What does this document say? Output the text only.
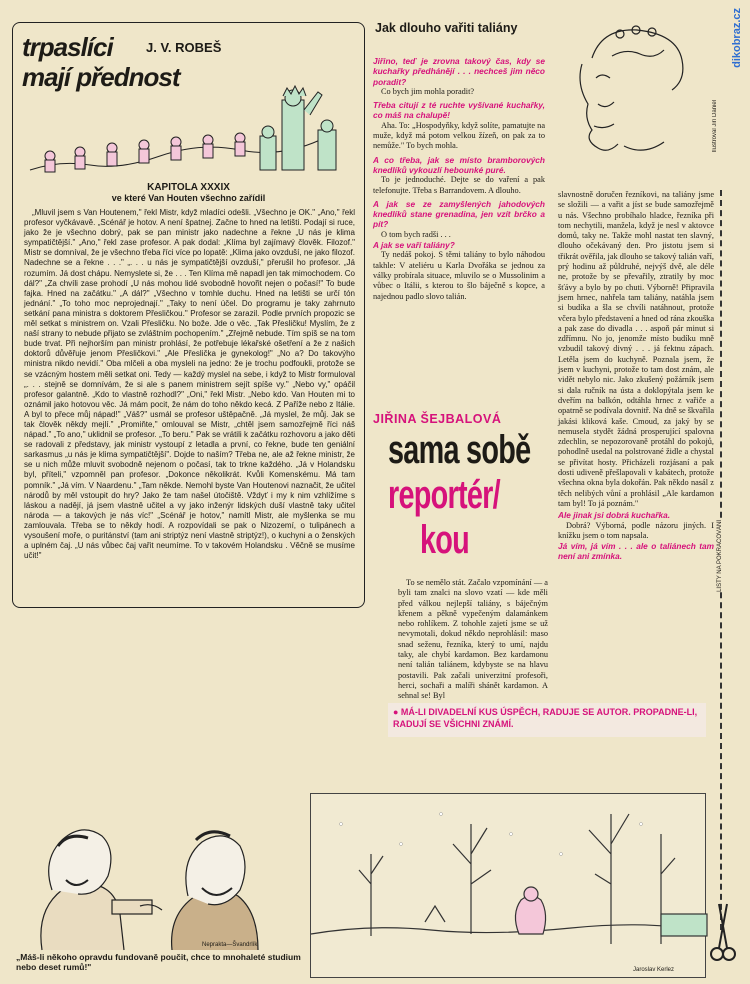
trpaslíci	J. V. ROBEŠ
mají přednost
KAPITOLA XXXIX
ve které Van Houten všechno zařídil
„Mluvil jsem s Van Houtenem," řekl Mistr, když mladíci odešli. „Všechno je OK." „Ano," řekl profesor vyčkávavě. „Scénář je hotov. A není špatnej. Začne to hned na letišti. Podají si ruce, jako že je všechno dobrý, pak se pan ministr jako nadechne a řekne „U nás je klima sympatičtější." „Ano," řekl zase profesor. A pak dodal: „Klíma byl zajímavý člověk. Filozof." Mistr se domníval, že je všechno třeba říci více po lopatě: „Klima jako ovzduší, ne jako filozof. Nadechne se a řekne . . ." „. . . u nás je sympatičtější ovzduší," přerušil ho profesor. „Já rozumím. Já dost chápu. Nemyslete si, že . . . Ten Klíma mě napadl jen tak mimochodem. Co dál?" „Za chvíli zase prohodí „U nás mohou lidé svobodně hovořit nejen o počasí!" To bude fajka. Hned na začátku." „A dál?" „Všechno v tomhle duchu. Hned na letišti se určí tón jednání." „To toho moc neprojednají." „Taky to není účel. Do programu je taky zahrnuto setkání pana ministra s doktorem Přesličkou." Profesor se zarazil. Podle prvních propozic se měl setkat s ministrem on. Vzali Přesličku. No bože. Jde o věc. „Tak Přesličku! Myslím, že z naší strany to nebude přijato se zvláštním pochopením." „Zřejmě nebude. Tím spíš se na tom bude trvat. Při nejhorším pan ministr prohlásí, že potřebuje lékařské ošetření a že z našich doktorů důvěřuje jenom Přesličkovi." „Ale Přeslička je gynekolog!" „No a? Do takovýho ministra nikdo nevidí." Oba mlčeli a oba mysleli na jedno: že je trochu podfoukli, protože se se vzácným hostem měli setkat oni. Tedy — každý myslel na sebe, i když to Mistr formuloval „. . . stejně se domnívám, že si ale s panem ministrem sejít spíše vy." „Nebo vy," opáčil profesor galantně. „Kdo to vlastně rozhodl?" „Oni," řekl Mistr. „Nebo kdo. Van Houten mi to oznámil jako hotovou věc. Já mám pocit, že nám do toho někdo kecá. Z Paříže nebo z Itálie. A byl to přece můj nápad!" „Váš?" usmál se profesor uštěpačně. „Já myslel, že můj. Jak se tak člověk někdy mejlí." „Promiňte," omlouval se Mistr, „chtěl jsem samozřejmě říci náš nápad." „To ano," uklidnil se profesor. „To beru." Pak se vrátili k začátku rozhovoru a jako děti se radovali z představy, jak ministr vystoupí z letadla a první, co řekne, bude ten geniální sarkasmus „u nás je klima sympatičtější". Dojde to naším? Třeba ne, ale až řekne ministr, že se u nich může mluvit svobodně nejenom o počasí, tak to trkne každého. „Já v Holandsku byl, příteli," vzpomněl pan profesor. „Dokonce několikrát. Kvůli Komenskému. Má tam pomník." „Já vím. V Naardenu." „Tam někde. Nemohl byste Van Houtenovi naznačit, že učitel národů by měl vstoupit do hry? Jako že tam našel útočiště. Vždyť i my k nim vzhlížíme s láskou a nadějí, já jsem vlastně učitel a vy jako inženýr lidských duší vlastně taky učitel národa — a takových je nás víc!" „Scénář je hotov," namítl Mistr, ale myšlenka se mu zamlouvala. Třeba se to někdy hodí. A rozpovídali se pak o Nizozemí, o tulipánech a vysoušení moře, o puritánství (tam ani striptýz není vlastně striptýz!), o kuchyni a o ženských a uplném čaj. „U nás vůbec čaj vařit neumíme. To v takovém Holandsku . Věčně se musíme učit!"
Jak dlouho vařiti taliány

Jiřino, teď je zrovna takový čas, kdy se kuchařky předhánějí . . . nechceš jim něco poradit?

Co bych jim mohla poradit?

Třeba citují z té ruchte vyšívané kuchařky, co máš na chalupě!

Aha. To: „Hospodyňky, když solíte, pamatujte na muže, když má potom velkou žízeň, on pak za to nemůže." To bych mohla.

A co třeba, jak se místo bramborových knedlíků vykouzlí hebounké puré.

To je jednoduché. Dejte se do vaření a pak telefonujte. Třeba s Barrandovem. A dlouho.

A jak se ze zamyšlených jahodových knedlíků stane grenadina, jen vzít brčko a pít?

O tom bych radši . . .

A jak se vaří taliány?

Ty nedáš pokoj. S těmi taliány to bylo náhodou takhle: V ateliéru u Karla Dvořáka se jednou za války probírala situace, mluvilo se o Mussolinim a vůbec o Itálii, s kterou to šlo báječně s kopce, a najednou padlo slovo talián.

Ilustroval Jiří Daniel
dikobraz.cz

slavnostně doručen řezníkovi, na taliány jsme se složili — a vařit a jíst se bude samozřejmě u nás. Všechno probíhalo hladce, řezníka při tom nechytili, manžela, když je nesl v aktovce domů, taky ne. Takže mohl nastat ten slavný, dlouho očekávaný den. Pro jistotu jsem si třikrát ověřila, jak dlouho se takový talián vaří, prý hodinu až půldruhé, nejvýš dvě, ale déle ne, protože by se převařily, ztratily by moc šťávy a bylo by po chuti. Výborně! Připravila jsem hrnec, nahřela tam taliány, natáhla jsem si budíka a šla se chvíli natáhnout, protože včera bylo představení a hned od rána zkouška a pak zase do divadla . . . aspoň pár minut si zdřímnu. No jo, jenomže místo budíku mně vzbudil takový divný . . . já fektnu zápach. Letěla jsem do kuchyně. Poznala jsem, že jsem v kuchyni, protože to tam dost znám, ale vidět nebylo nic. Jako zkušený požárník jsem si dala ručník na ústa a doklopýtala jsem ke dveřím na balkón, odtáhla hrnec z vařiče a opatrně se podívala dovnitř. Na dně se škvařila jakási kliková kaše. Cmoud, za jaký by se nemusela stydět žádná prosperující spalovna zdechlin, se nepozorovaně protáhl do pokojů, pohodlně usedal na polstrované židle a chystal se přivítat hosty. Přicházeli rozjásaní a pak dosti udiveně přešlapovali v kabátech, protože všechna okna byla dokořán. Pak někdo nasál z těch nelibých vůní a prohlásil „Ale kardamon tam byl! To já poznám."

Ale jinak jsi dobrá kuchařka.

Dobrá? Výborná, podle názoru jiných. I knížku jsem o tom napsala.

Já vím, já vím . . . ale o taliánech tam není ani zmínka.	LISTY NA POKRAČOVÁNÍ
JIŘINA ŠEJBALOVÁ
sama sobě
reportér/
kou
To se nemělo stát. Začalo vzpomínání — a byli tam znalci na slovo vzatí — kde měli před válkou nejlepší taliány, s báječným křenem a pěkně vypečeným dalamánkem nebo rohlíkem. Z tohohle zajetí jsme se už nevymotali, dokud někdo neprohlásil: maso snad seženu, řezníka, který to umí, najdu taky, ale chybí kardamon. Bez kardamonu není talián taliánem, kdybyste se na hlavu postavili. Pak začali univerzitní profesoři, herci, sochaři a malíři shánět kardamon. A sehnal se! Byl
● MÁ-LI DIVADELNÍ KUS ÚSPĚCH, RADUJE SE AUTOR. PROPADNE-LI, RADUJÍ SE VŠICHNI ZNÁMÍ.
Neprakta—Švandrlík
„Máš-li někoho opravdu fundovaně poučit, chce to mnohaleté studium nebo deset rumů!"	Jaroslav Kerlez
